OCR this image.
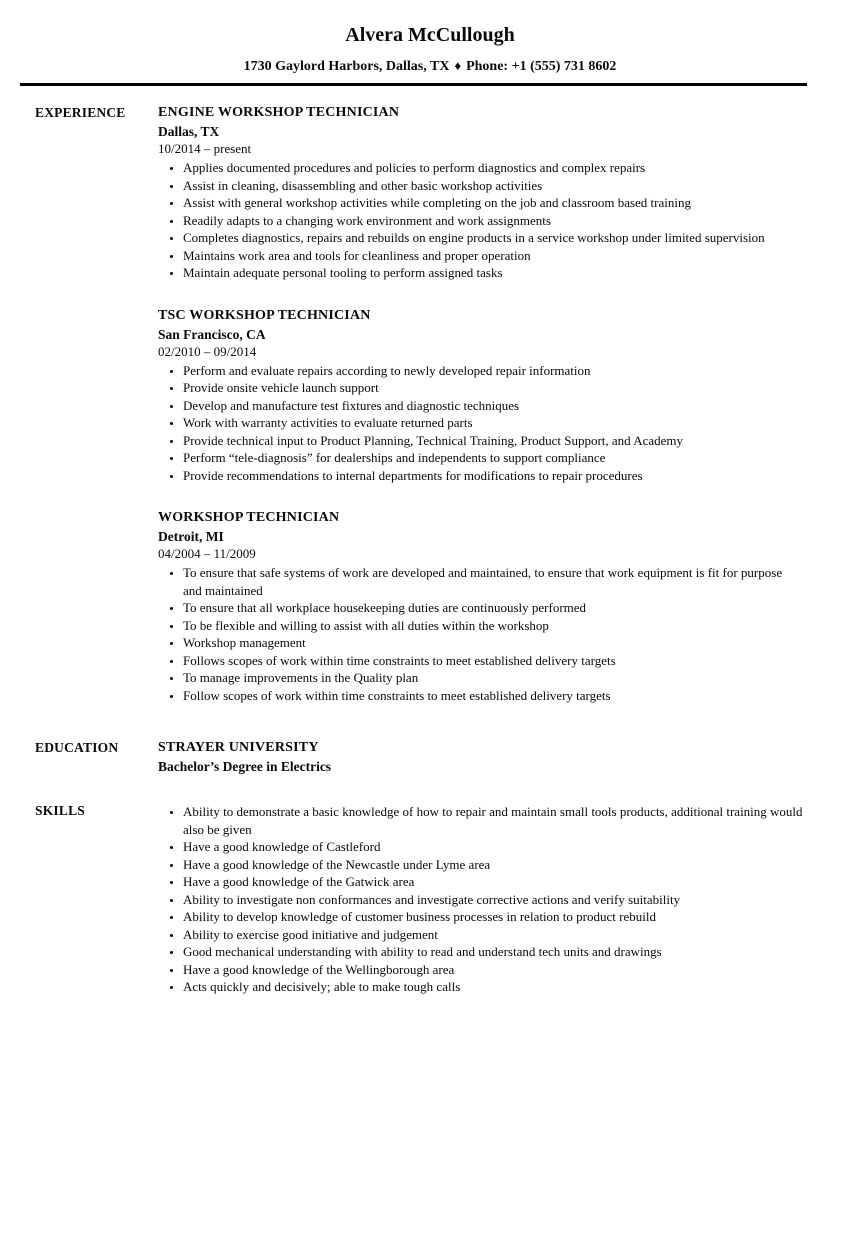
Alvera McCullough
1730 Gaylord Harbors, Dallas, TX ♦ Phone: +1 (555) 731 8602
EXPERIENCE	ENGINE WORKSHOP TECHNICIAN
Dallas, TX
10/2014 – present
• Applies documented procedures and policies to perform diagnostics and complex repairs
• Assist in cleaning, disassembling and other basic workshop activities
• Assist with general workshop activities while completing on the job and classroom based training
• Readily adapts to a changing work environment and work assignments
• Completes diagnostics, repairs and rebuilds on engine products in a service workshop under limited supervision
• Maintains work area and tools for cleanliness and proper operation
• Maintain adequate personal tooling to perform assigned tasks
TSC WORKSHOP TECHNICIAN
San Francisco, CA
02/2010 – 09/2014
• Perform and evaluate repairs according to newly developed repair information
• Provide onsite vehicle launch support
• Develop and manufacture test fixtures and diagnostic techniques
• Work with warranty activities to evaluate returned parts
• Provide technical input to Product Planning, Technical Training, Product Support, and Academy
• Perform “tele-diagnosis” for dealerships and independents to support compliance
• Provide recommendations to internal departments for modifications to repair procedures
WORKSHOP TECHNICIAN
Detroit, MI
04/2004 – 11/2009
• To ensure that safe systems of work are developed and maintained, to ensure that work equipment is fit for purpose and maintained
• To ensure that all workplace housekeeping duties are continuously performed
• To be flexible and willing to assist with all duties within the workshop
• Workshop management
• Follows scopes of work within time constraints to meet established delivery targets
• To manage improvements in the Quality plan
• Follow scopes of work within time constraints to meet established delivery targets
EDUCATION	STRAYER UNIVERSITY
Bachelor’s Degree in Electrics
SKILLS	• Ability to demonstrate a basic knowledge of how to repair and maintain small tools products, additional training would also be given
• Have a good knowledge of Castleford
• Have a good knowledge of the Newcastle under Lyme area
• Have a good knowledge of the Gatwick area
• Ability to investigate non conformances and investigate corrective actions and verify suitability
• Ability to develop knowledge of customer business processes in relation to product rebuild
• Ability to exercise good initiative and judgement
• Good mechanical understanding with ability to read and understand tech units and drawings
• Have a good knowledge of the Wellingborough area
• Acts quickly and decisively; able to make tough calls
